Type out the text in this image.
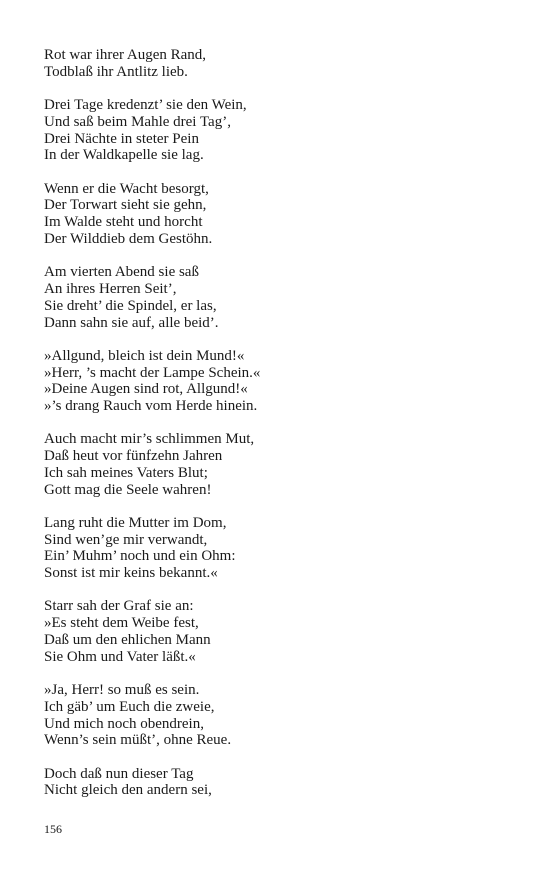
Rot war ihrer Augen Rand,
Todblaß ihr Antlitz lieb.
Drei Tage kredenzt’ sie den Wein,
Und saß beim Mahle drei Tag’,
Drei Nächte in steter Pein
In der Waldkapelle sie lag.
Wenn er die Wacht besorgt,
Der Torwart sieht sie gehn,
Im Walde steht und horcht
Der Wilddieb dem Gestöhn.
Am vierten Abend sie saß
An ihres Herren Seit’,
Sie dreht’ die Spindel, er las,
Dann sahn sie auf, alle beid’.
»Allgund, bleich ist dein Mund!«
»Herr, ’s macht der Lampe Schein.«
»Deine Augen sind rot, Allgund!«
»’s drang Rauch vom Herde hinein.
Auch macht mir’s schlimmen Mut,
Daß heut vor fünfzehn Jahren
Ich sah meines Vaters Blut;
Gott mag die Seele wahren!
Lang ruht die Mutter im Dom,
Sind wen’ge mir verwandt,
Ein’ Muhm’ noch und ein Ohm:
Sonst ist mir keins bekannt.«
Starr sah der Graf sie an:
»Es steht dem Weibe fest,
Daß um den ehlichen Mann
Sie Ohm und Vater läßt.«
»Ja, Herr! so muß es sein.
Ich gäb’ um Euch die zweie,
Und mich noch obendrein,
Wenn’s sein müßt’, ohne Reue.
Doch daß nun dieser Tag
Nicht gleich den andern sei,
156
